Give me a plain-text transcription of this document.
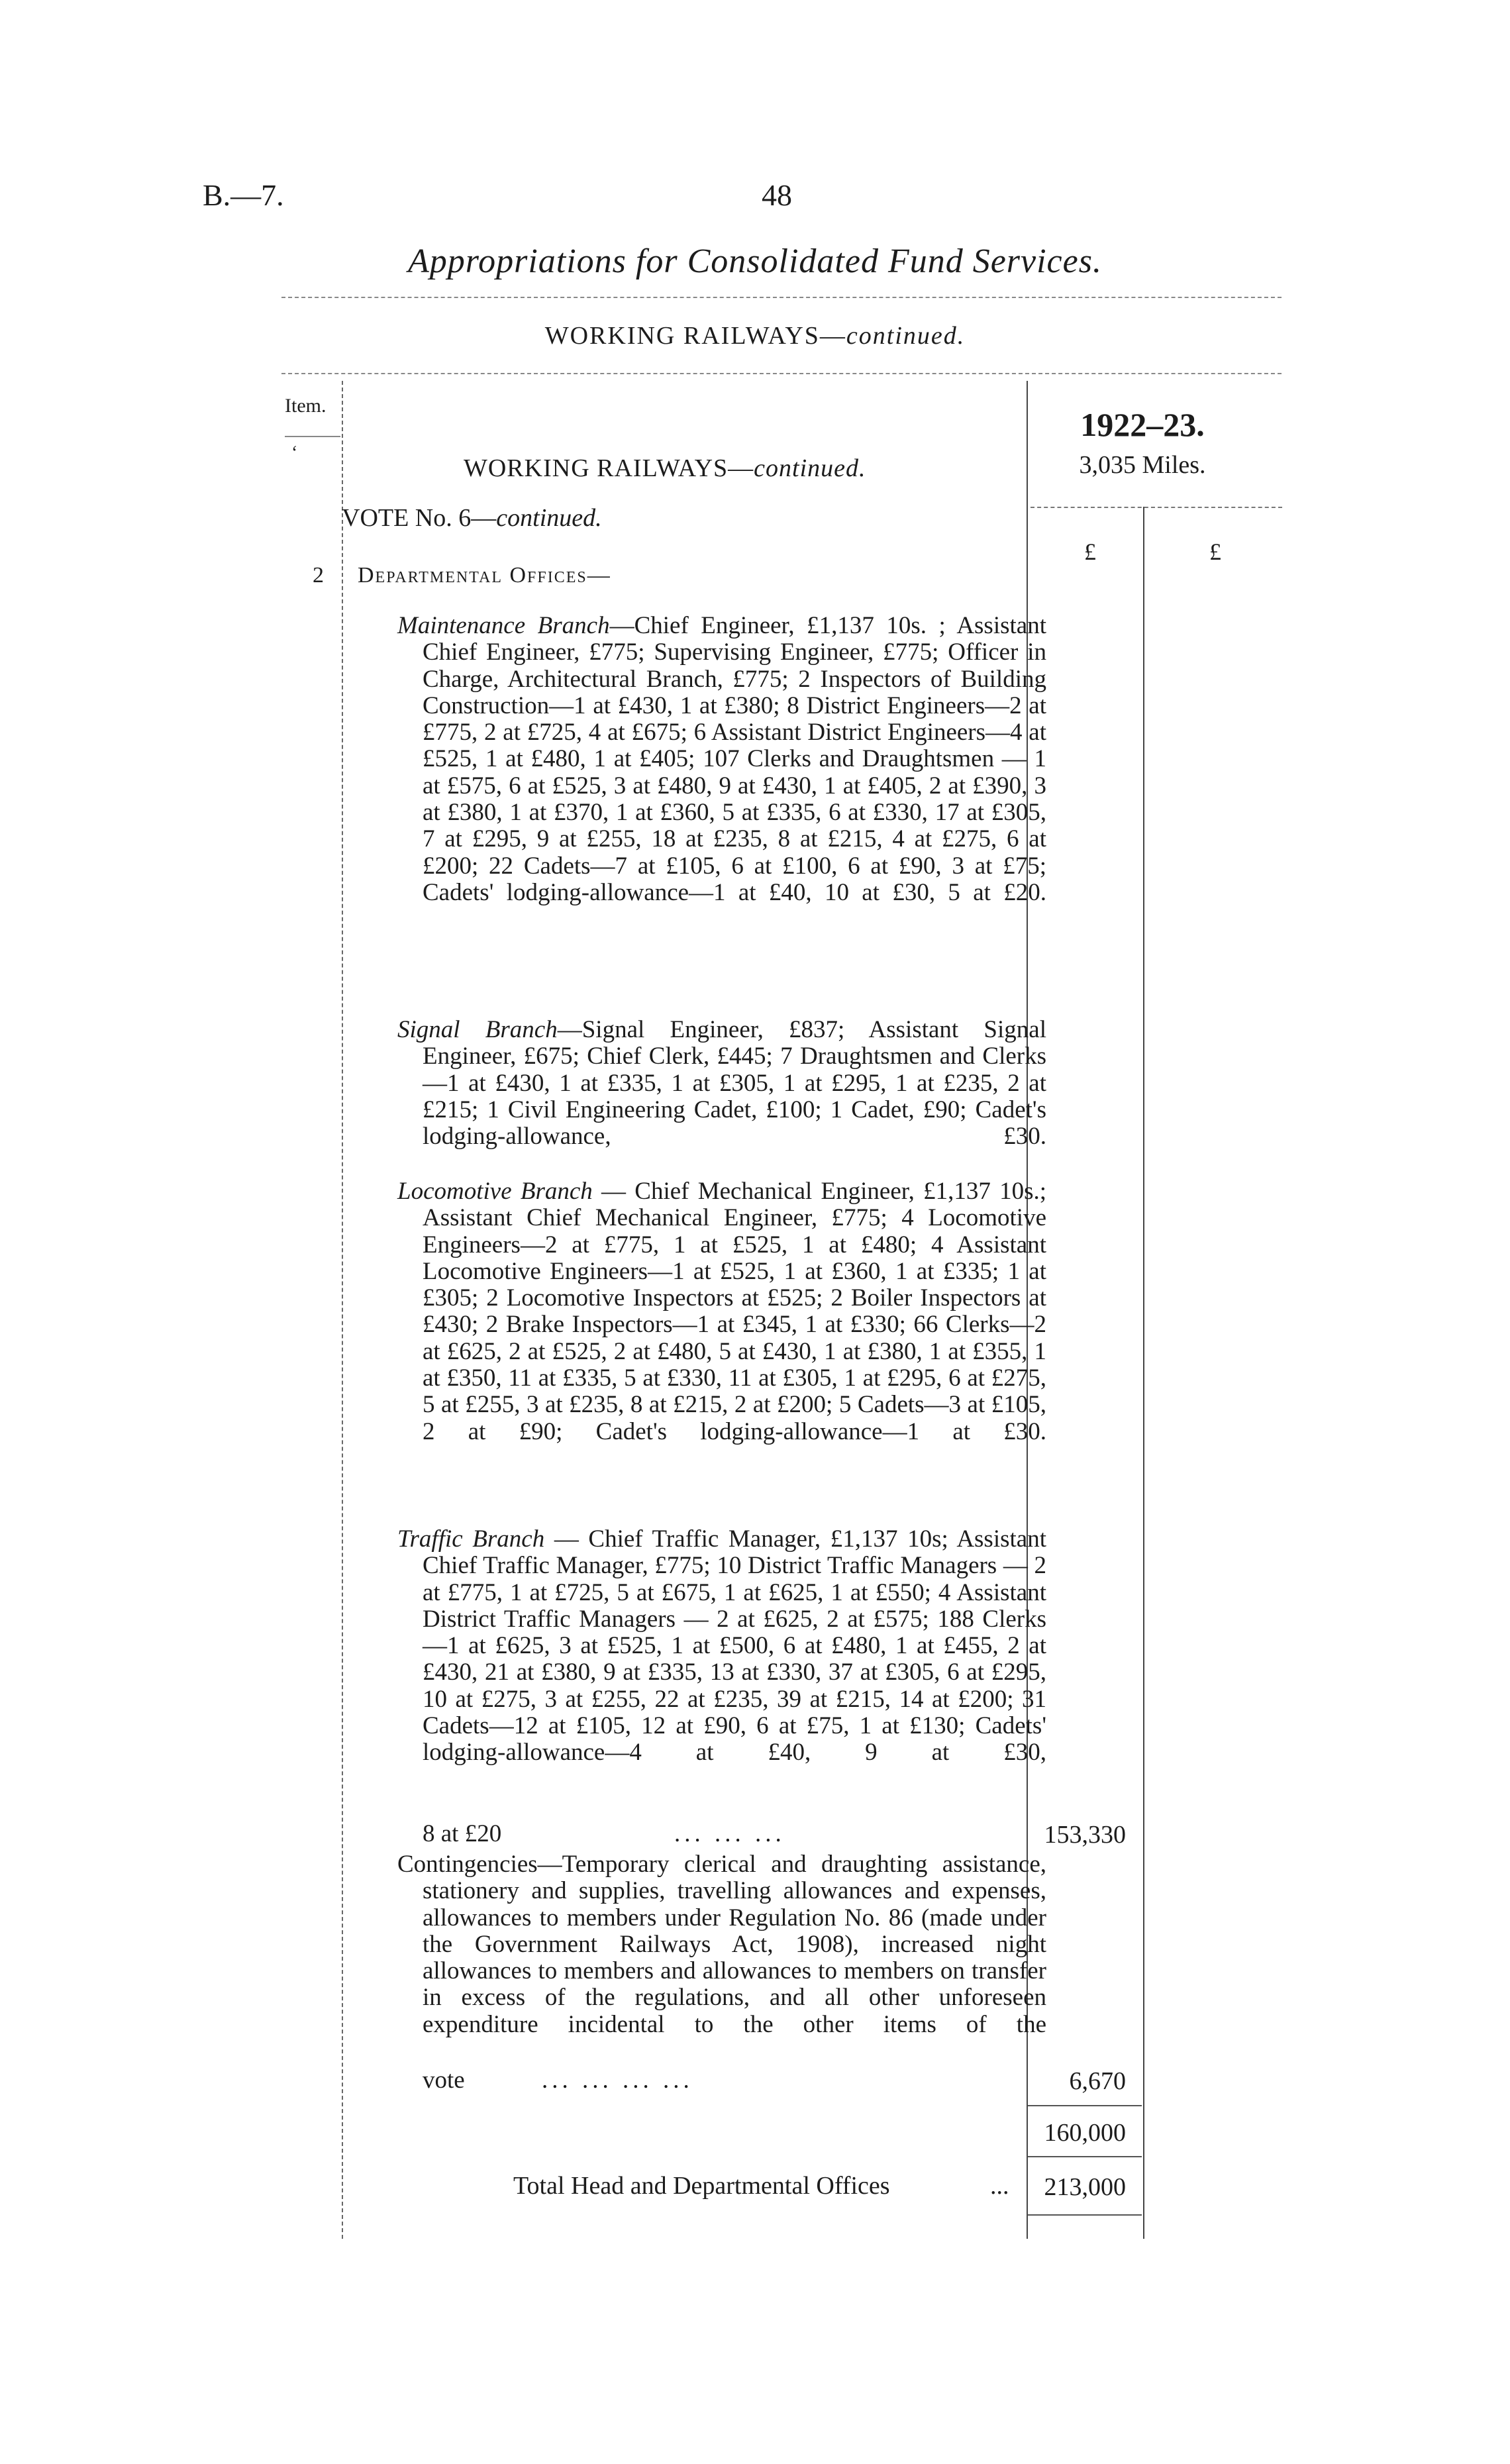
B.—7.	48
Appropriations for Consolidated Fund Services.
WORKING RAILWAYS—continued.
Item.
‘
1922–23.
3,035 Miles.
£	£
WORKING RAILWAYS—continued.
VOTE No. 6—continued.
2 Departmental Offices—
Maintenance Branch—Chief Engineer, £1,137 10s. ; Assistant Chief Engineer, £775; Supervising Engineer, £775; Officer in Charge, Architectural Branch, £775; 2 Inspectors of Building Construction—1 at £430, 1 at £380; 8 District Engineers—2 at £775, 2 at £725, 4 at £675; 6 Assistant District Engineers—4 at £525, 1 at £480, 1 at £405; 107 Clerks and Draughtsmen — 1 at £575, 6 at £525, 3 at £480, 9 at £430, 1 at £405, 2 at £390, 3 at £380, 1 at £370, 1 at £360, 5 at £335, 6 at £330, 17 at £305, 7 at £295, 9 at £255, 18 at £235, 8 at £215, 4 at £275, 6 at £200; 22 Cadets—7 at £105, 6 at £100, 6 at £90, 3 at £75; Cadets' lodging-allowance—1 at £40, 10 at £30, 5 at £20.
Signal Branch—Signal Engineer, £837; Assistant Signal Engineer, £675; Chief Clerk, £445; 7 Draughtsmen and Clerks—1 at £430, 1 at £335, 1 at £305, 1 at £295, 1 at £235, 2 at £215; 1 Civil Engineering Cadet, £100; 1 Cadet, £90; Cadet's lodging-allowance, £30.
Locomotive Branch — Chief Mechanical Engineer, £1,137 10s.; Assistant Chief Mechanical Engineer, £775; 4 Locomotive Engineers—2 at £775, 1 at £525, 1 at £480; 4 Assistant Locomotive Engineers—1 at £525, 1 at £360, 1 at £335; 1 at £305; 2 Locomotive Inspectors at £525; 2 Boiler Inspectors at £430; 2 Brake Inspectors—1 at £345, 1 at £330; 66 Clerks—2 at £625, 2 at £525, 2 at £480, 5 at £430, 1 at £380, 1 at £355, 1 at £350, 11 at £335, 5 at £330, 11 at £305, 1 at £295, 6 at £275, 5 at £255, 3 at £235, 8 at £215, 2 at £200; 5 Cadets—3 at £105, 2 at £90; Cadet's lodging-allowance—1 at £30.
Traffic Branch — Chief Traffic Manager, £1,137 10s; Assistant Chief Traffic Manager, £775; 10 District Traffic Managers — 2 at £775, 1 at £725, 5 at £675, 1 at £625, 1 at £550; 4 Assistant District Traffic Managers — 2 at £625, 2 at £575; 188 Clerks—1 at £625, 3 at £525, 1 at £500, 6 at £480, 1 at £455, 2 at £430, 21 at £380, 9 at £335, 13 at £330, 37 at £305, 6 at £295, 10 at £275, 3 at £255, 22 at £235, 39 at £215, 14 at £200; 31 Cadets—12 at £105, 12 at £90, 6 at £75, 1 at £130; Cadets' lodging-allowance—4 at £40, 9 at £30,
8 at £20	... ... ...	153,330
Contingencies—Temporary clerical and draughting assistance, stationery and supplies, travelling allowances and expenses, allowances to members under Regulation No. 86 (made under the Government Railways Act, 1908), increased night allowances to members and allowances to members on transfer in excess of the regulations, and all other unforeseen expenditure incidental to the other items of the
vote	... ... ... ...	6,670
160,000
Total Head and Departmental Offices	...	213,000
